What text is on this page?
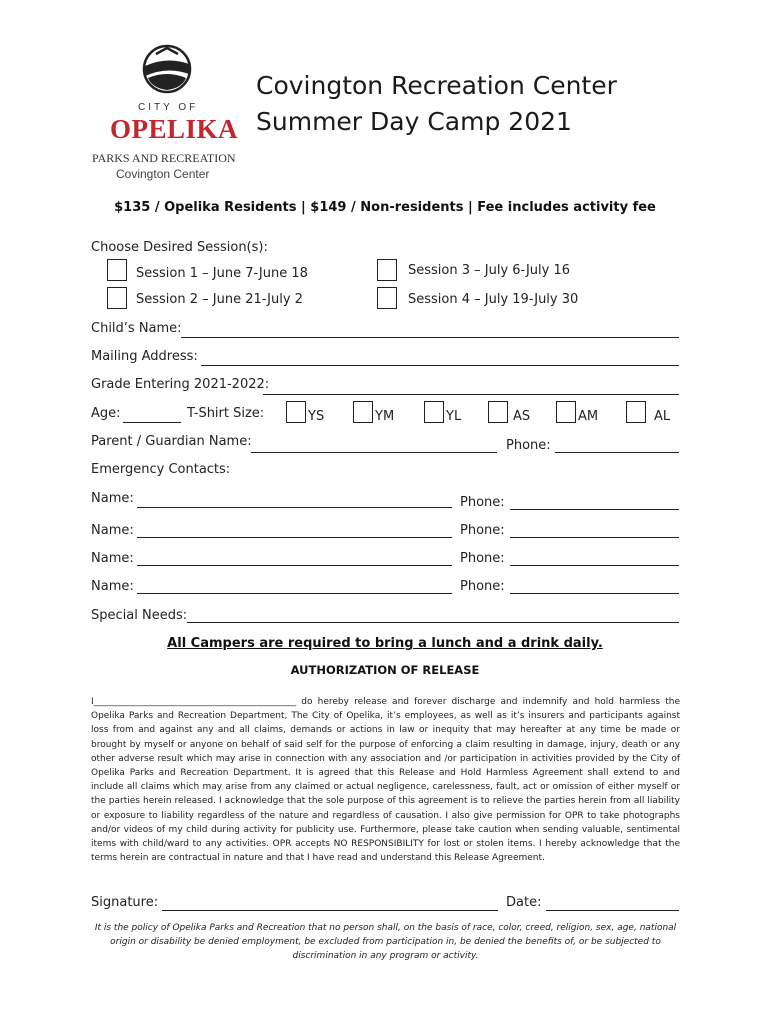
CITY OF
OPELIKA
PARKS AND RECREATION
Covington Center
Covington Recreation Center
Summer Day Camp 2021
$135 / Opelika Residents | $149 / Non-residents | Fee includes activity fee
Choose Desired Session(s):
Session 1 – June 7-June 18
Session 2 – June 21-July 2
Session 3 – July 6-July 16
Session 4 – July 19-July 30
Child’s Name:
Mailing Address:
Grade Entering 2021-2022:
Age:	T-Shirt Size:	YS	YM	YL	AS	AM	AL
Parent / Guardian Name:	Phone:
Emergency Contacts:
Name:	Phone:
Name:	Phone:
Name:	Phone:
Name:	Phone:
Special Needs:
All Campers are required to bring a lunch and a drink daily.
AUTHORIZATION OF RELEASE
I_____________________________________________ do hereby release and forever discharge and indemnify and hold harmless the Opelika Parks and Recreation Department, The City of Opelika, it’s employees, as well as it’s insurers and participants against loss from and against any and all claims, demands or actions in law or inequity that may hereafter at any time be made or brought by myself or anyone on behalf of said self for the purpose of enforcing a claim resulting in damage, injury, death or any other adverse result which may arise in connection with any association and /or participation in activities provided by the City of Opelika Parks and Recreation Department. It is agreed that this Release and Hold Harmless Agreement shall extend to and include all claims which may arise from any claimed or actual negligence, carelessness, fault, act or omission of either myself or the parties herein released. I acknowledge that the sole purpose of this agreement is to relieve the parties herein from all liability or exposure to liability regardless of the nature and regardless of causation. I also give permission for OPR to take photographs and/or videos of my child during activity for publicity use. Furthermore, please take caution when sending valuable, sentimental items with child/ward to any activities. OPR accepts NO RESPONSIBILITY for lost or stolen items. I hereby acknowledge that the terms herein are contractual in nature and that I have read and understand this Release Agreement.
Signature:	Date:
It is the policy of Opelika Parks and Recreation that no person shall, on the basis of race, color, creed, religion, sex, age, national origin or disability be denied employment, be excluded from participation in, be denied the benefits of, or be subjected to discrimination in any program or activity.
